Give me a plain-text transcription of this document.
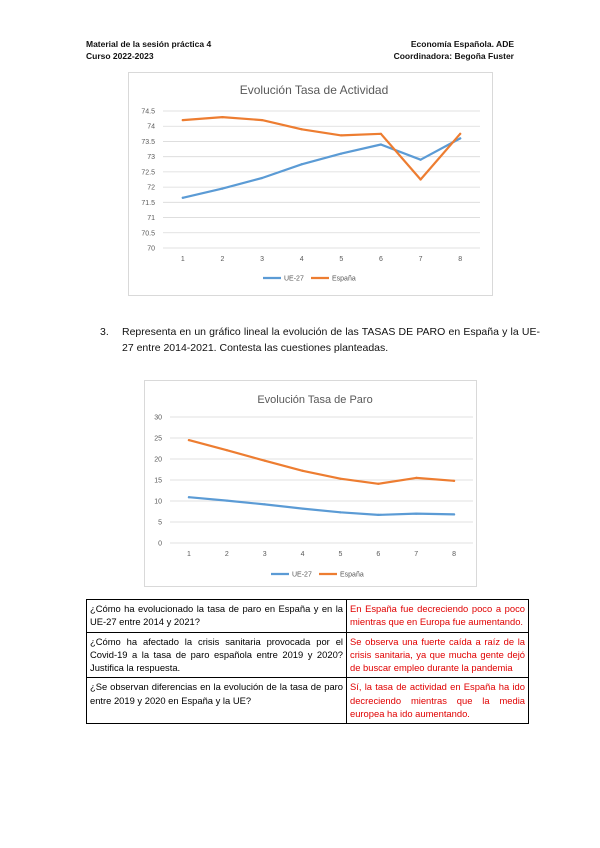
Material de la sesión práctica 4
Curso 2022-2023
Economía Española. ADE
Coordinadora: Begoña Fuster
Evolución Tasa de Actividad
70
70.5
71
71.5
72
72.5
73
73.5
74
74.5
1	2	3	4	5	6	7	8
UE-27	España
3. Representa en un gráfico lineal la evolución de las TASAS DE PARO en España y la UE-27 entre 2014-2021. Contesta las cuestiones planteadas.
Evolución Tasa de Paro
0
5
10
15
20
25
30
1	2	3	4	5	6	7	8
UE-27	España
¿Cómo ha evolucionado la tasa de paro en España y en la UE-27 entre 2014 y 2021?	En España fue decreciendo poco a poco mientras que en Europa fue aumentando.
¿Cómo ha afectado la crisis sanitaria provocada por el Covid-19 a la tasa de paro española entre 2019 y 2020? Justifica la respuesta.	Se observa una fuerte caída a raíz de la crisis sanitaria, ya que mucha gente dejó de buscar empleo durante la pandemia
¿Se observan diferencias en la evolución de la tasa de paro entre 2019 y 2020 en España y la UE?	Sí, la tasa de actividad en España ha ido decreciendo mientras que la media europea ha ido aumentando.
